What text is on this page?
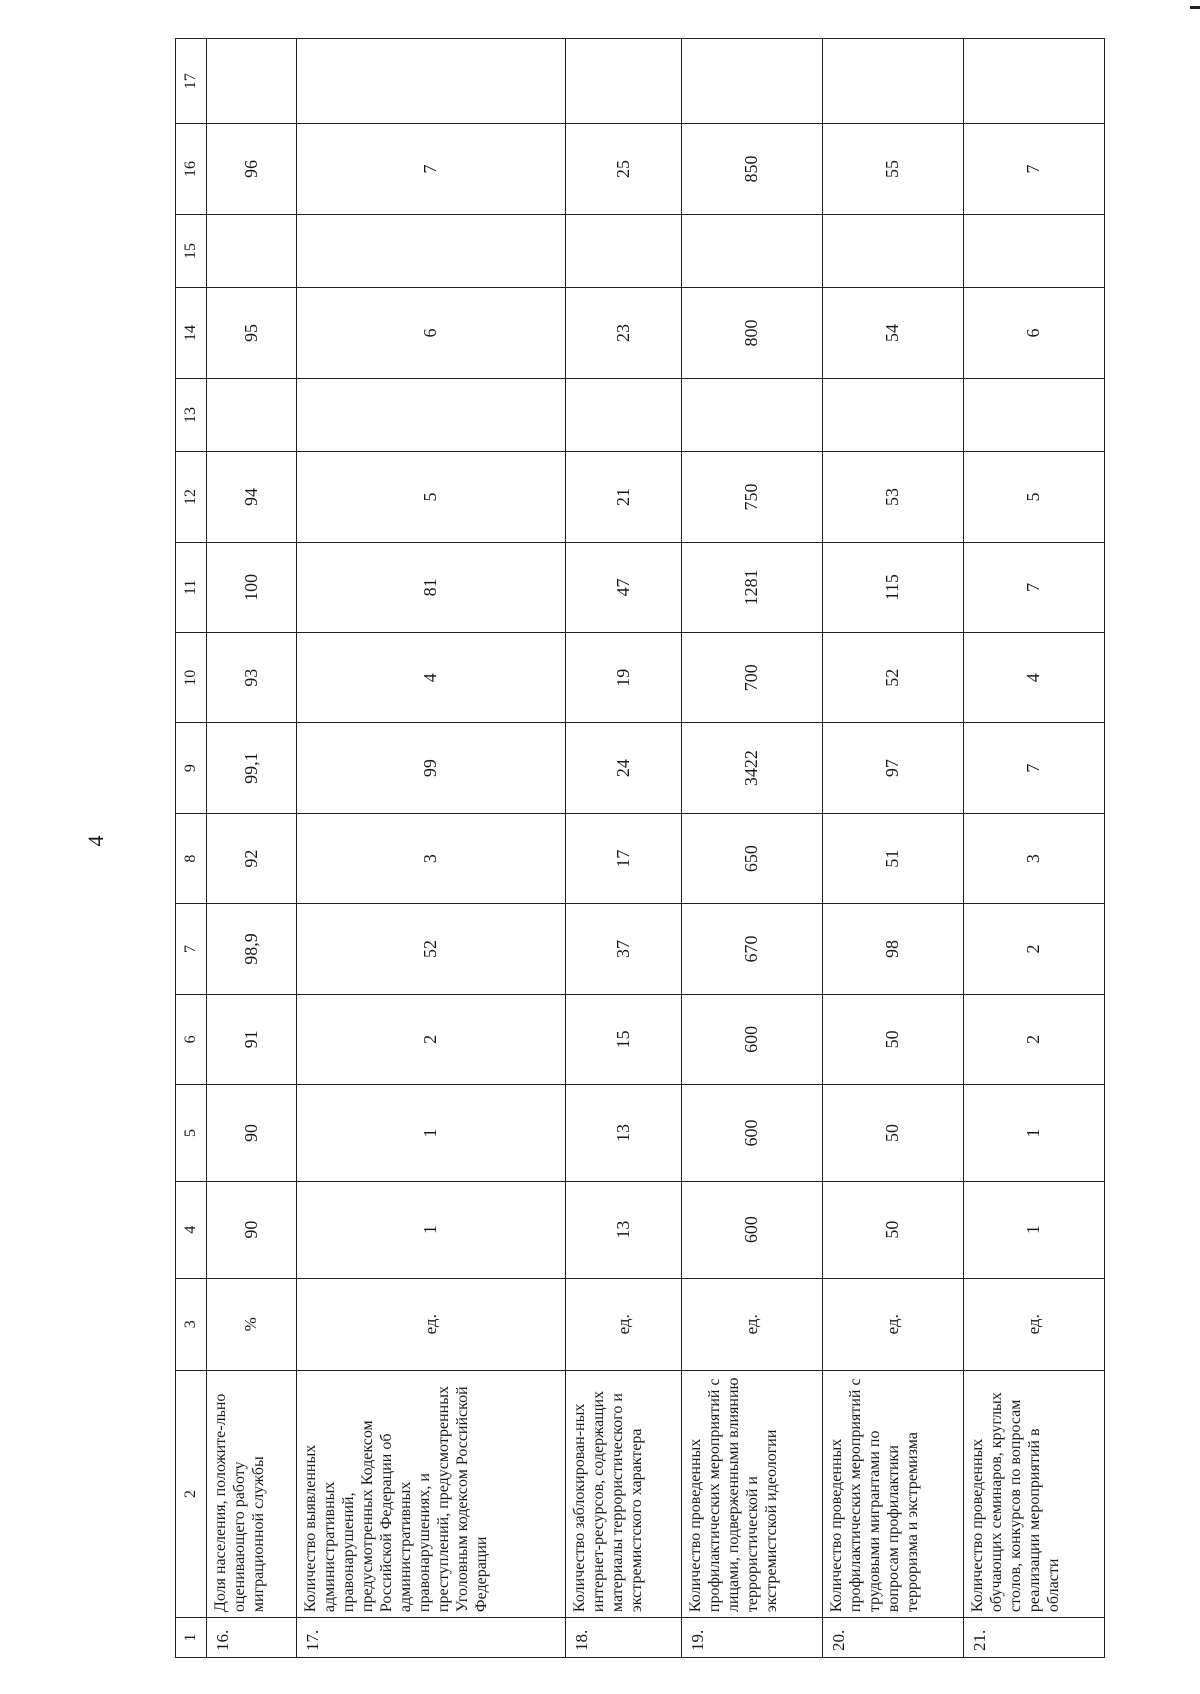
4
1	2	3	4	5	6	7	8	9	10	11	12	13	14	15	16	17
16.	Доля населения, положите-льно оценивающего работу миграционной службы	%	90	90	91	98,9	92	99,1	93	100	94		95		96	
17.	Количество выявленных административных правонарушений, предусмотренных Кодексом Российской Федерации об административных правонарушениях, и преступлений, предусмотренных Уголовным кодексом Российской Федерации	ед.	1	1	2	52	3	99	4	81	5		6		7	
18.	Количество заблокирован-ных интернет-ресурсов, содержащих материалы террористического и экстремистского характера	ед.	13	13	15	37	17	24	19	47	21		23		25	
19.	Количество проведенных профилактических мероприятий с лицами, подверженными влиянию террористической и экстремистской идеологии	ед.	600	600	600	670	650	3422	700	1281	750		800		850	
20.	Количество проведенных профилактических мероприятий с трудовыми мигрантами по вопросам профилактики терроризма и экстремизма	ед.	50	50	50	98	51	97	52	115	53		54		55	
21.	Количество проведенных обучающих семинаров, круглых столов, конкурсов по вопросам реализации мероприятий в области	ед.	1	1	2	2	3	7	4	7	5		6		7	
